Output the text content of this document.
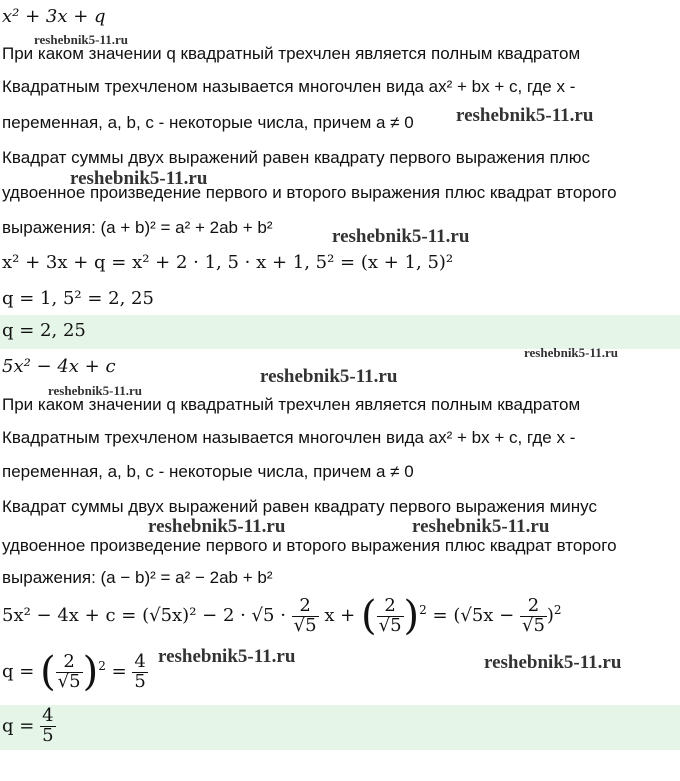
x² + 3x + q
reshebnik5-11.ru
При каком значении q квадратный трехчлен является полным квадратом
Квадратным трехчленом называется многочлен вида ax² + bx + c, где x -
переменная, a, b, c - некоторые числа, причем a ≠ 0 reshebnik5-11.ru
Квадрат суммы двух выражений равен квадрату первого выражения плюс
reshebnik5-11.ru
удвоенное произведение первого и второго выражения плюс квадрат второго
выражения: (a + b)² = a² + 2ab + b²	reshebnik5-11.ru
x² + 3x + q = x² + 2 · 1, 5 · x + 1, 5² = (x + 1, 5)²
q = 1, 5² = 2, 25
q = 2, 25
5x² − 4x + c
reshebnik5-11.ru
reshebnik5-11.ru
reshebnik5-11.ru
При каком значении q квадратный трехчлен является полным квадратом
Квадратным трехчленом называется многочлен вида ax² + bx + c, где x -
переменная, a, b, c - некоторые числа, причем a ≠ 0
Квадрат суммы двух выражений равен квадрату первого выражения минус
reshebnik5-11.ru	reshebnik5-11.ru
удвоенное произведение первого и второго выражения плюс квадрат второго
выражения: (a − b)² = a² − 2ab + b²
$5x^2 - 4x + c = (√5x)^2 - 2 \cdot √5 \cdot \frac{2}{√5}$ x + ( $\frac{2}{√5} )^2 = (√5x - \frac{2}{√5} )^2$
q = ( $\frac{2}{√5} )^2 = \frac{4}{5}$ reshebnik5-11.ru	reshebnik5-11.ru
$q = \frac{4}{5}$
